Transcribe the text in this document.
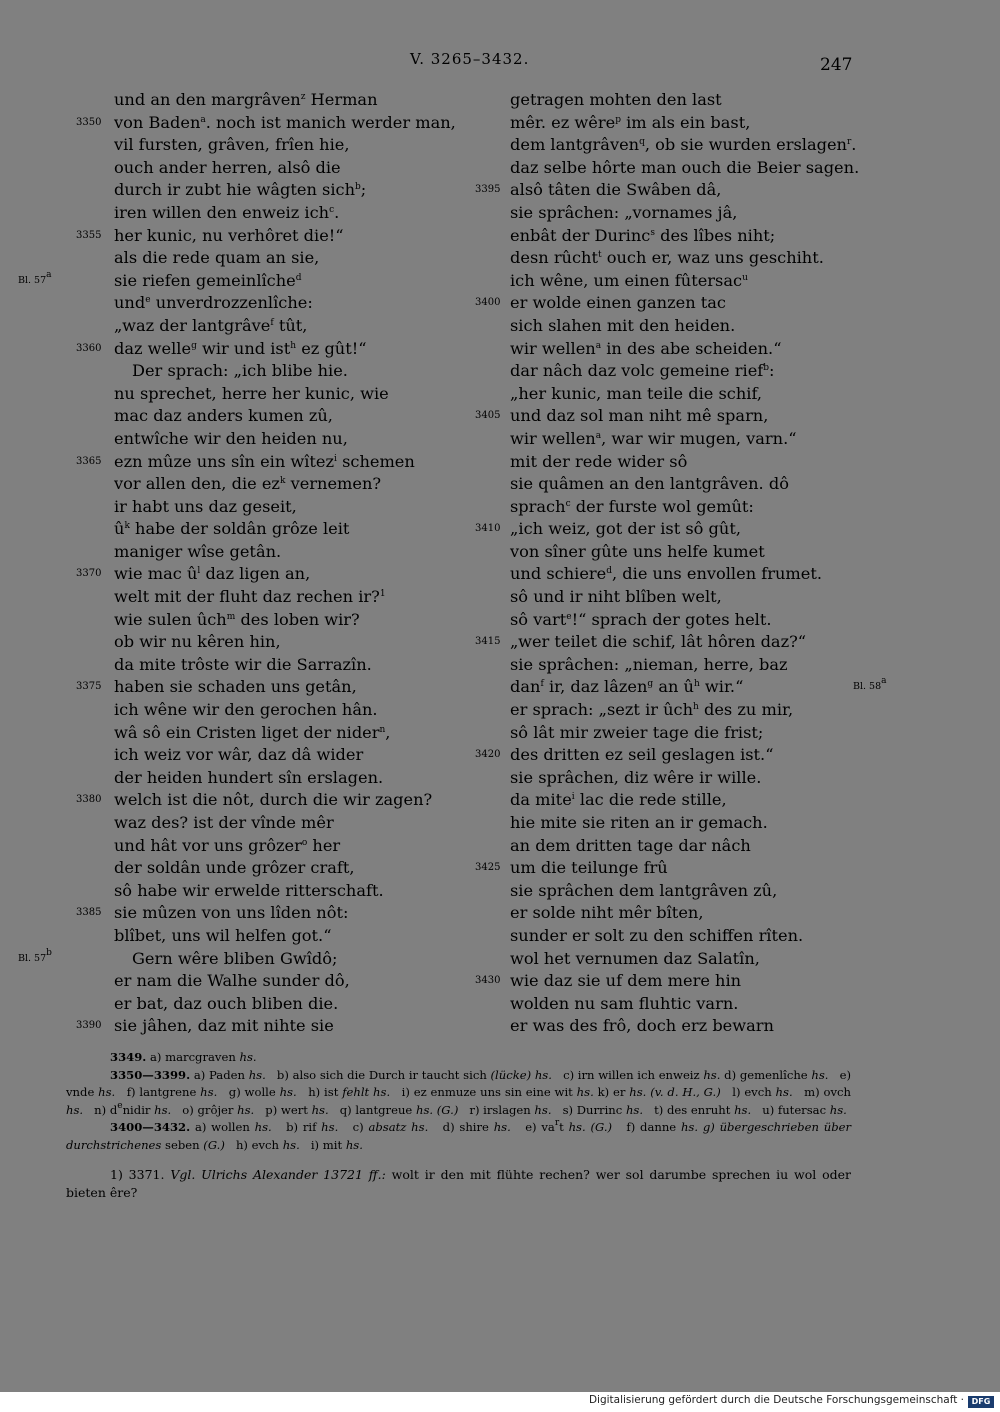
V. 3265–3432.	247
und an den margrâven$^z$ Herman
3350 von Baden$^a$. noch ist manich werder man,
vil fursten, grâven, frîen hie,
ouch ander herren, alsô die
durch ir zubt hie wâgten sich$^b$;
iren willen den enweiz ich$^c$.
3355 her kunic, nu verhôret die!“
als die rede quam an sie,
Bl. 57$^a$	sie riefen gemeinlîche$^d$
und$^e$ unverdrozzenlîche:
„waz der lantgrâve$^f$ tût,
3360 daz welle$^g$ wir und ist$^h$ ez gût!“
Der sprach: „ich blibe hie.
nu sprechet, herre her kunic, wie
mac daz anders kumen zû,
entwîche wir den heiden nu,
3365 ezn mûze uns sîn ein wîtez$^i$ schemen
vor allen den, die $ez^k$ vernemen?
ir habt uns daz geseit,
$û^k$ habe der soldân grôze leit
maniger wîse getân.
3370 wie mac $û^l$ daz ligen an,
welt mit der fluht daz rechen ir?$^1$
wie sulen ûch$^m$ des loben wir?
ob wir nu kêren hin,
da mite trôste wir die Sarrazîn.
3375 haben sie schaden uns getân,
ich wêne wir den gerochen hân.
wâ sô ein Cristen liget der nider$^n$,
ich weiz vor wâr, daz dâ wider
der heiden hundert sîn erslagen.
3380 welch ist die nôt, durch die wir zagen?
waz des? ist der vînde mêr
und hât vor uns grôzer$^o$ her
der soldân unde grôzer craft,
sô habe wir erwelde ritterschaft.
3385 sie mûzen von uns lîden nôt:
blîbet, uns wil helfen got.“
Bl. 57$^b$	Gern wêre bliben Gwîdô;
er nam die Walhe sunder dô,
er bat, daz ouch bliben die.
3390 sie jâhen, daz mit nihte sie
getragen mohten den last
mêr. ez wêre$^p$ im als ein bast,
dem lantgrâven$^q$, ob sie wurden erslagen$^r$.
daz selbe hôrte man ouch die Beier sagen.
3395 alsô tâten die Swâben dâ,
sie sprâchen: „vornames jâ,
enbât der Durinc$^s$ des lîbes niht;
desn rûcht$^t$ ouch er, waz uns geschiht.
ich wêne, um einen fûtersac$^u$
3400 er wolde einen ganzen tac
sich slahen mit den heiden.
wir wellen$^a$ in des abe scheiden.“
dar nâch daz volc gemeine rief$^b$:
„her kunic, man teile die schif,
3405 und daz sol man niht mê sparn,
wir wellen$^a$, war wir mugen, varn.“
mit der rede wider sô
sie quâmen an den lantgrâven. dô
sprach$^c$ der furste wol gemût:
3410 „ich weiz, got der ist sô gût,
von sîner gûte uns helfe kumet
und schiere$^d$, die uns envollen frumet.
sô und ir niht blîben welt,
sô vart$^e$!“ sprach der gotes helt.
3415 „wer teilet die schif, lât hôren daz?“
sie sprâchen: „nieman, herre, baz
Bl. 58$^a$
dan$^f$ ir, daz lâzen$^g$ an $û^h$ wir.“
er sprach: „sezt ir ûch$^h$ des zu mir,
sô lât mir zweier tage die frist;
3420 des dritten ez seil geslagen ist.“
sie sprâchen, diz wêre ir wille.
da mite$^i$ lac die rede stille,
hie mite sie riten an ir gemach.
an dem dritten tage dar nâch
3425 um die teilunge frû
sie sprâchen dem lantgrâven zû,
er solde niht mêr bîten,
sunder er solt zu den schiffen rîten.
wol het vernumen daz Salatîn,
3430 wie daz sie uf dem mere hin
wolden nu sam fluhtic varn.
er was des frô, doch erz bewarn

3349. a) marcgraven hs.

3350—3399. a) Paden hs.   b) also sich die Durch ir taucht sich (lücke) hs.   c) irn willen ich enweiz hs. d) gemenlîche hs.   e) vnde hs.   f) lantgrene hs.   g) wolle hs.   h) ist fehlt hs.   i) ez enmuze uns sin eine wit hs. k) er hs. (v. d. H., G.)   l) evch hs.   m) ovch hs.   n) $d^enidir$ hs.   o) grôjer hs.   p) wert hs.   q) lantgreue hs. (G.)   r) irslagen hs.   s) Durrinc hs.   t) des enruht hs.   u) futersac hs.

3400—3432. a) wollen hs.   b) rif hs.   c) absatz hs.   d) shire hs.   e) $va^rt$ hs. (G.)   f) danne hs. g) übergeschrieben über durchstrichenes seben (G.)   h) evch hs.   i) mit hs.

1) 3371. Vgl. Ulrichs Alexander 13721 ff.: wolt ir den mit flühte rechen? wer sol darumbe sprechen iu wol oder bieten êre?

Digitalisierung gefördert durch die Deutsche Forschungsgemeinschaft · DFG
